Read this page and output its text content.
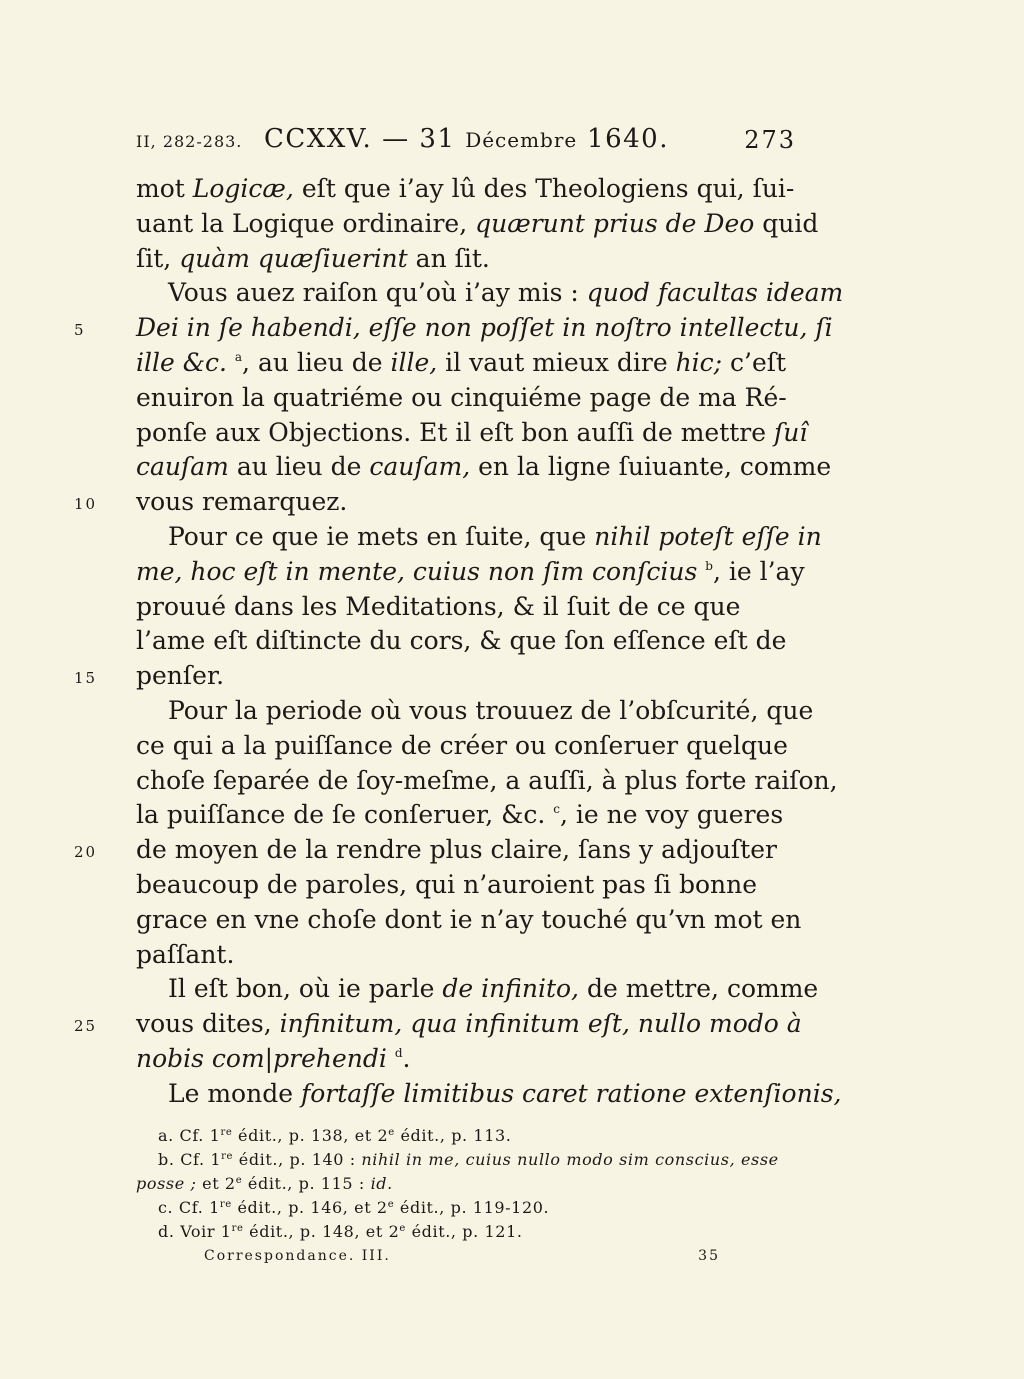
II, 282-283. CCXXV. — 31 Décembre 1640.	273
mot Logicæ, eſt que i’ay lû des Theologiens qui, ſui-
uant la Logique ordinaire, quærunt prius de Deo quid
ſit, quàm quæſiuerint an ſit.
Vous auez raiſon qu’où i’ay mis : quod facultas ideam
5	Dei in ſe habendi, eſſe non poſſet in noſtro intellectu, ſi
ille &c. $^a$, au lieu de ille, il vaut mieux dire hic; c’eſt
enuiron la quatriéme ou cinquiéme page de ma Ré-
ponſe aux Objections. Et il eſt bon auſſi de mettre ſuî
cauſam au lieu de cauſam, en la ligne ſuiuante, comme
10	vous remarquez.
Pour ce que ie mets en ſuite, que nihil poteſt eſſe in
me, hoc eſt in mente, cuius non ſim conſcius $^b$, ie l’ay
prouué dans les Meditations, & il ſuit de ce que
l’ame eſt diſtincte du cors, & que ſon eſſence eſt de
15	penſer.
Pour la periode où vous trouuez de l’obſcurité, que
ce qui a la puiſſance de créer ou conſeruer quelque
choſe ſeparée de ſoy-meſme, a auſſi, à plus forte raiſon,
la puiſſance de ſe conſeruer, &c. $^c$, ie ne voy gueres
20	de moyen de la rendre plus claire, ſans y adjouſter
beaucoup de paroles, qui n’auroient pas ſi bonne
grace en vne choſe dont ie n’ay touché qu’vn mot en
paſſant.
Il eſt bon, où ie parle de infinito, de mettre, comme
25	vous dites, infinitum, qua infinitum eſt, nullo modo à
nobis com|prehendi $^d$.
Le monde fortaſſe limitibus caret ratione extenſionis,
a. Cf. 1re édit., p. 138, et 2e édit., p. 113.
b. Cf. 1re édit., p. 140 : nihil in me, cuius nullo modo sim conscius, esse
posse ; et 2e édit., p. 115 : id.
c. Cf. 1re édit., p. 146, et 2e édit., p. 119-120.
d. Voir 1re édit., p. 148, et 2e édit., p. 121.
Correspondance. III.	35
